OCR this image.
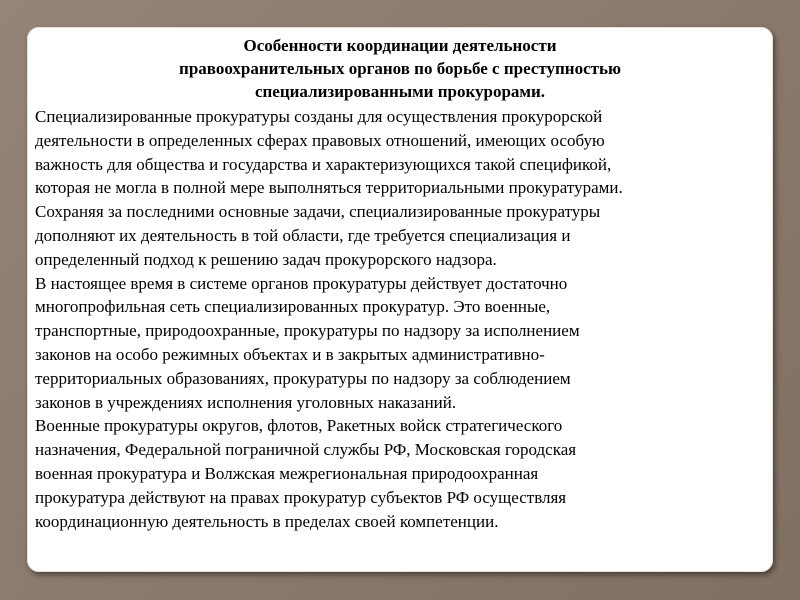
Особенности координации деятельности
правоохранительных органов по борьбе с преступностью
специализированными прокурорами.

Специализированные прокуратуры созданы для осуществления прокурорской
деятельности в определенных сферах правовых отношений, имеющих особую
важность для общества и государства и характеризующихся такой спецификой,
которая не могла в полной мере выполняться территориальными прокуратурами.

Сохраняя за последними основные задачи, специализированные прокуратуры
дополняют их деятельность в той области, где требуется специализация и
определенный подход к решению задач прокурорского надзора.

В настоящее время в системе органов прокуратуры действует достаточно
многопрофильная сеть специализированных прокуратур. Это военные,
транспортные, природоохранные, прокуратуры по надзору за исполнением
законов на особо режимных объектах и в закрытых административно-
территориальных образованиях, прокуратуры по надзору за соблюдением
законов в учреждениях исполнения уголовных наказаний.

Военные прокуратуры округов, флотов, Ракетных войск стратегического
назначения, Федеральной пограничной службы РФ, Московская городская
военная прокуратура и Волжская межрегиональная природоохранная
прокуратура действуют на правах прокуратур субъектов РФ осуществляя
координационную деятельность в пределах своей компетенции.
